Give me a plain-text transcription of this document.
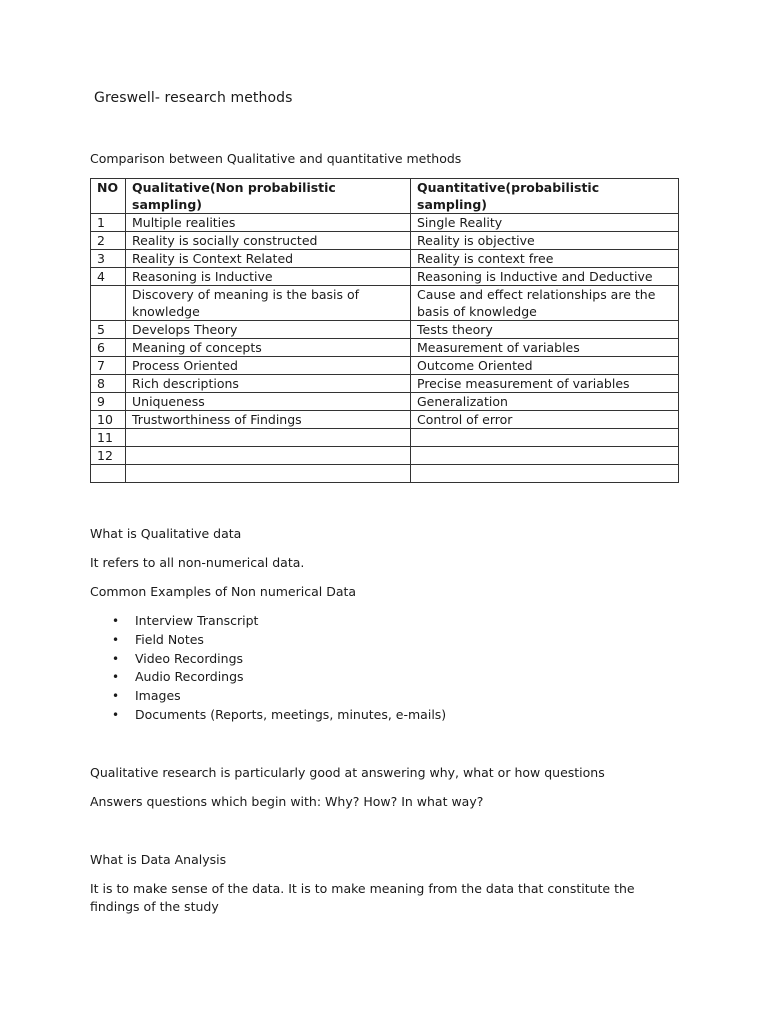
Greswell- research methods
Comparison between Qualitative and quantitative methods
NO	Qualitative(Non probabilistic sampling)	Quantitative(probabilistic sampling)
1	Multiple realities	Single Reality
2	Reality is socially constructed	Reality is objective
3	Reality is Context Related	Reality is context free
4	Reasoning is Inductive	Reasoning is Inductive and Deductive
	Discovery of meaning is the basis of knowledge	Cause and effect relationships are the basis of knowledge
5	Develops Theory	Tests theory
6	Meaning of concepts	Measurement of variables
7	Process Oriented	Outcome Oriented
8	Rich descriptions	Precise measurement of variables
9	Uniqueness	Generalization
10	Trustworthiness of Findings	Control of error
11		
12		

What is Qualitative data
It refers to all non-numerical data.
Common Examples of Non numerical Data
• Interview Transcript
• Field Notes
• Video Recordings
• Audio Recordings
• Images
• Documents (Reports, meetings, minutes, e-mails)
Qualitative research is particularly good at answering why, what or how questions
Answers questions which begin with: Why? How? In what way?
What is Data Analysis
It is to make sense of the data. It is to make meaning from the data that constitute the findings of the study
